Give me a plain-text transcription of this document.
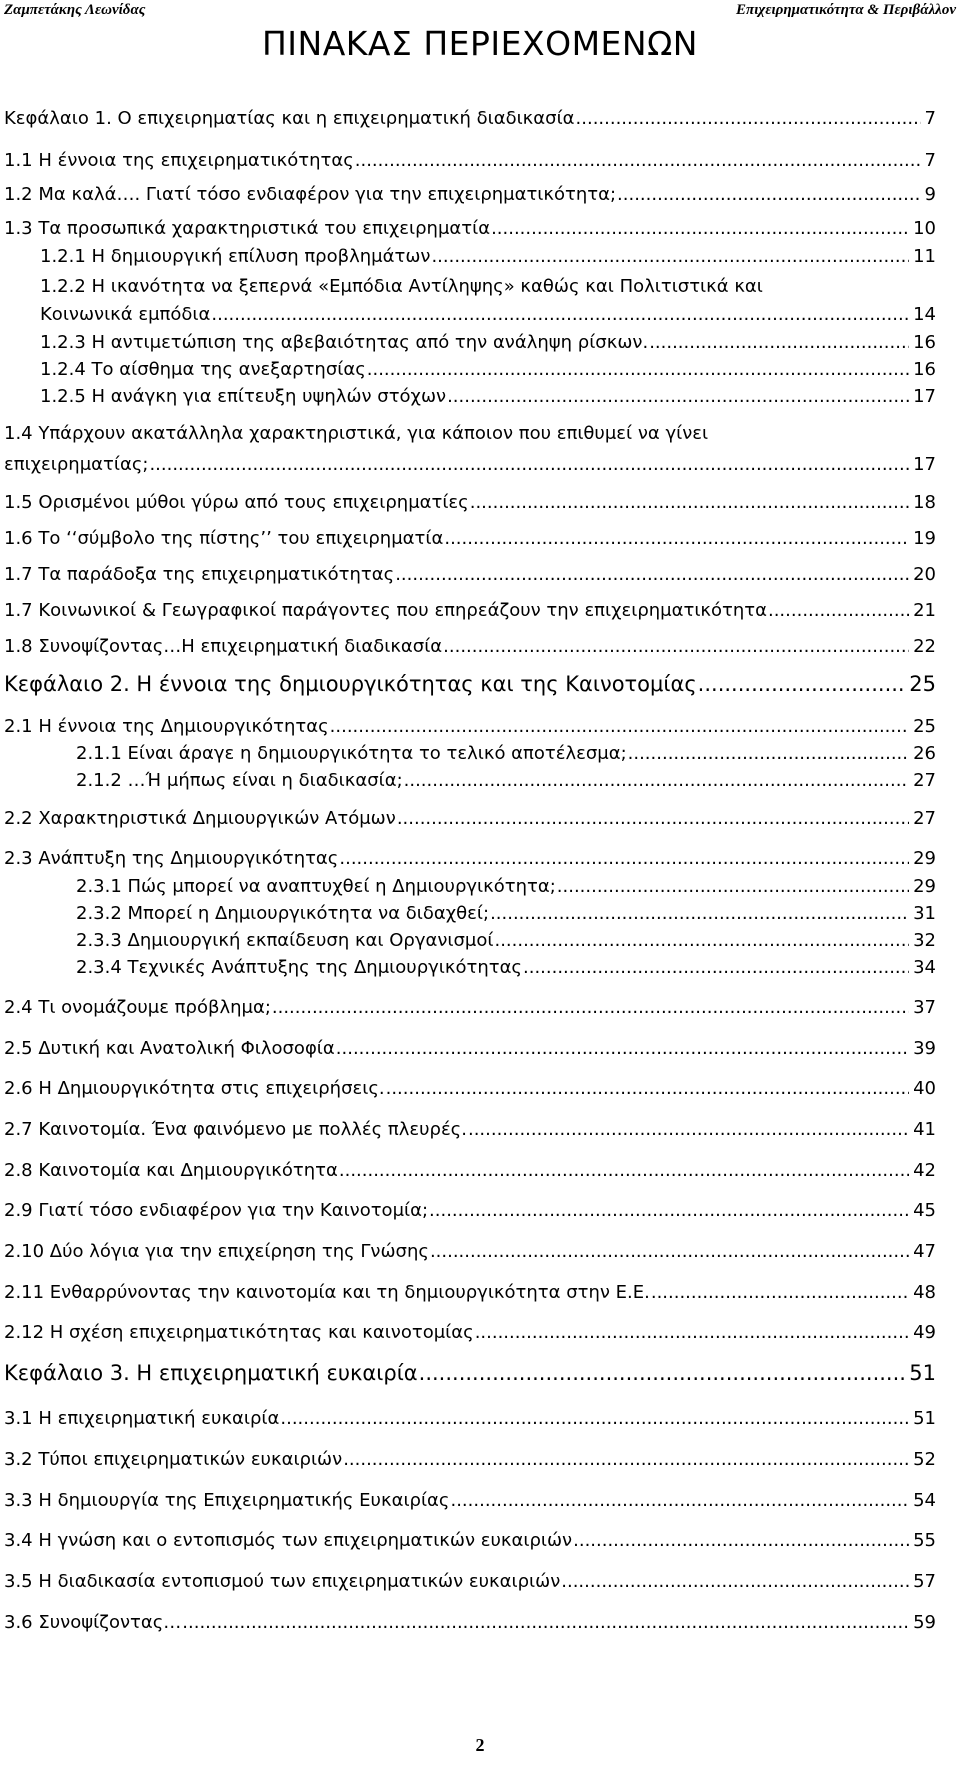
Ζαμπετάκης Λεωνίδας	Επιχειρηματικότητα & Περιβάλλον
ΠΙΝΑΚΑΣ ΠΕΡΙΕΧΟΜΕΝΩΝ
Κεφάλαιο 1. Ο επιχειρηματίας και η επιχειρηματική διαδικασία .....	7
1.1 Η έννοια της επιχειρηματικότητας .....	7
1.2 Μα καλά…. Γιατί τόσο ενδιαφέρον για την επιχειρηματικότητα; .....	9
1.3 Τα προσωπικά χαρακτηριστικά του επιχειρηματία .....	10
1.2.1 Η δημιουργική επίλυση προβλημάτων .....	11
1.2.2 Η ικανότητα να ξεπερνά «Εμπόδια Αντίληψης» καθώς και Πολιτιστικά και
Κοινωνικά εμπόδια .....	14
1.2.3 Η αντιμετώπιση της αβεβαιότητας από την ανάληψη ρίσκων. .....	16
1.2.4 Το αίσθημα της ανεξαρτησίας .....	16
1.2.5 Η ανάγκη για επίτευξη υψηλών στόχων .....	17
1.4 Υπάρχουν ακατάλληλα χαρακτηριστικά, για κάποιον που επιθυμεί να γίνει
επιχειρηματίας; .....	17
1.5 Ορισμένοι μύθοι γύρω από τους επιχειρηματίες .....	18
1.6 Το ‘‘σύμβολο της πίστης’’ του επιχειρηματία .....	19
1.7 Τα παράδοξα της επιχειρηματικότητας .....	20
1.7 Κοινωνικοί & Γεωγραφικοί παράγοντες που επηρεάζουν την επιχειρηματικότητα .....	21
1.8 Συνοψίζοντας…Η επιχειρηματική διαδικασία .....	22
Κεφάλαιο 2. Η έννοια της δημιουργικότητας και της Καινοτομίας .....	25
2.1 Η έννοια της Δημιουργικότητας .....	25
2.1.1 Είναι άραγε η δημιουργικότητα το τελικό αποτέλεσμα; .....	26
2.1.2 …Ή μήπως είναι η διαδικασία; .....	27
2.2 Χαρακτηριστικά Δημιουργικών Ατόμων .....	27
2.3 Ανάπτυξη της Δημιουργικότητας .....	29
2.3.1 Πώς μπορεί να αναπτυχθεί η Δημιουργικότητα; .....	29
2.3.2 Μπορεί η Δημιουργικότητα να διδαχθεί; .....	31
2.3.3 Δημιουργική εκπαίδευση και Οργανισμοί .....	32
2.3.4 Τεχνικές Ανάπτυξης της Δημιουργικότητας .....	34
2.4 Τι ονομάζουμε πρόβλημα; .....	37
2.5 Δυτική και Ανατολική Φιλοσοφία .....	39
2.6 Η Δημιουργικότητα στις επιχειρήσεις. .....	40
2.7 Καινοτομία. Ένα φαινόμενο με πολλές πλευρές. .....	41
2.8 Καινοτομία και Δημιουργικότητα .....	42
2.9 Γιατί τόσο ενδιαφέρον για την Καινοτομία; .....	45
2.10 Δύο λόγια για την επιχείρηση της Γνώσης .....	47
2.11 Ενθαρρύνοντας την καινοτομία και τη δημιουργικότητα στην Ε.Ε. .....	48
2.12 Η σχέση επιχειρηματικότητας και καινοτομίας .....	49
Κεφάλαιο 3. Η επιχειρηματική ευκαιρία .....	51
3.1 Η επιχειρηματική ευκαιρία .....	51
3.2 Τύποι επιχειρηματικών ευκαιριών .....	52
3.3 Η δημιουργία της Επιχειρηματικής Ευκαιρίας .....	54
3.4 Η γνώση και ο εντοπισμός των επιχειρηματικών ευκαιριών .....	55
3.5 Η διαδικασία εντοπισμού των επιχειρηματικών ευκαιριών .....	57
3.6 Συνοψίζοντας… .....	59
2
